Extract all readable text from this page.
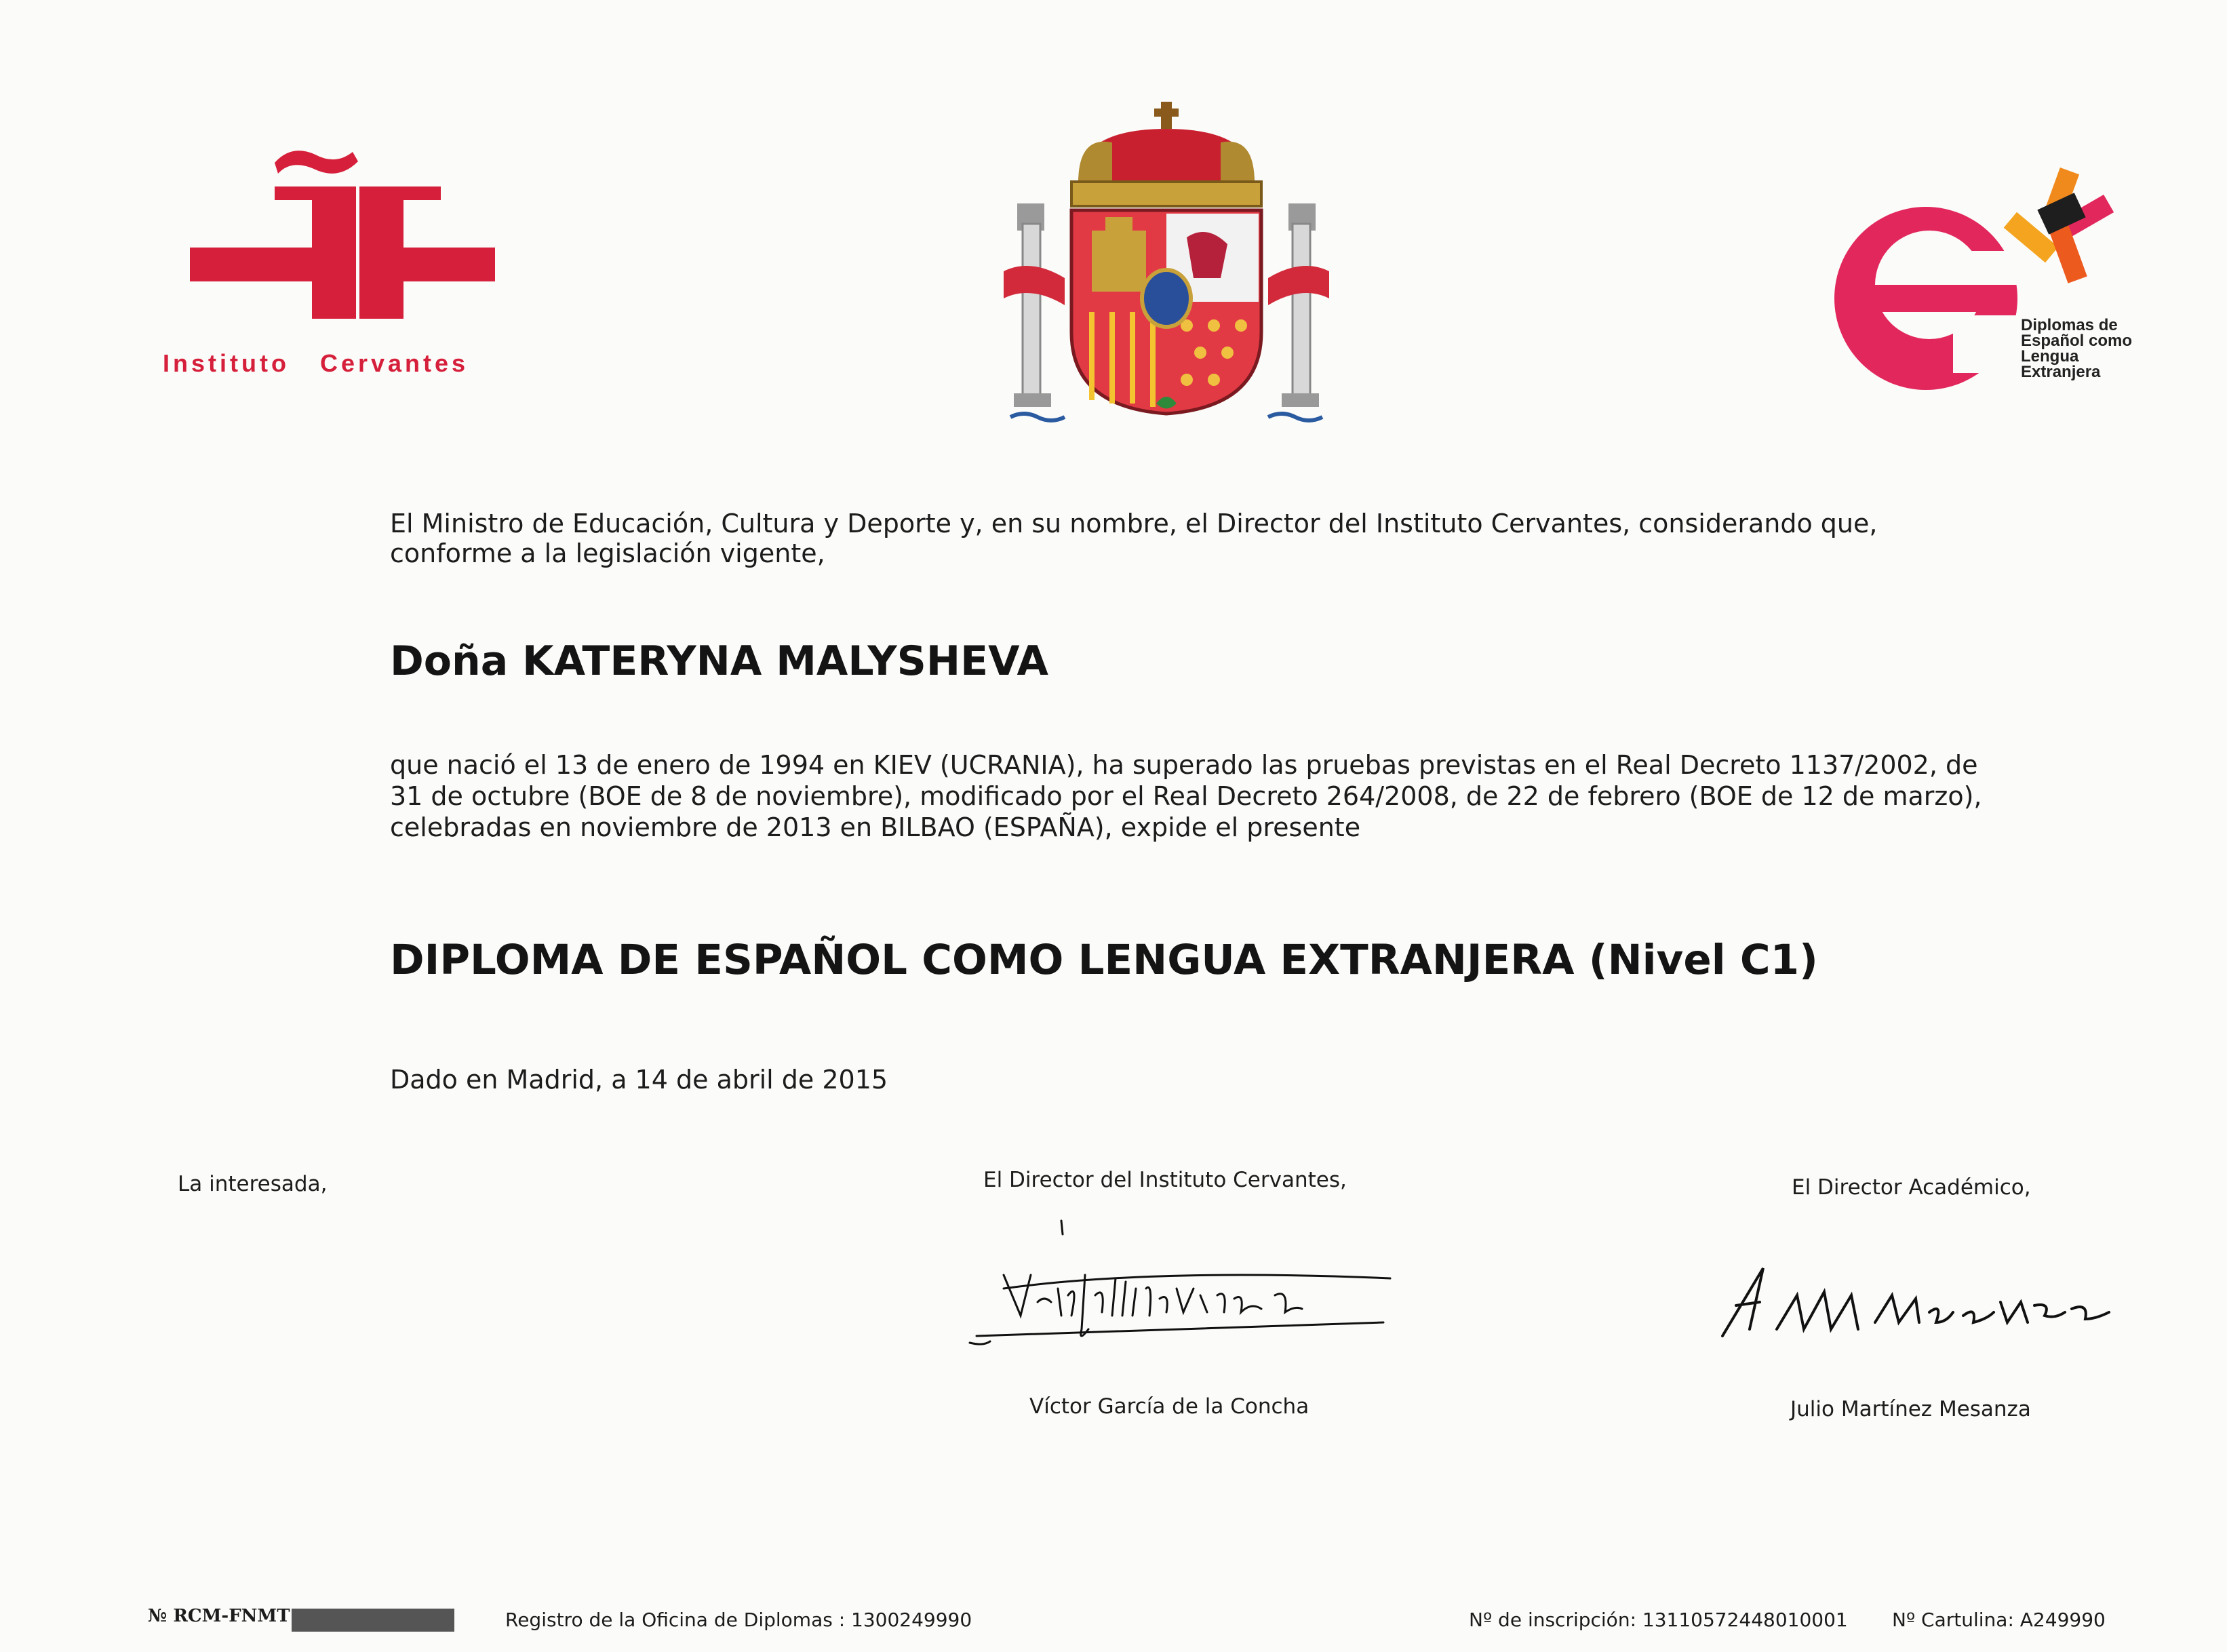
Instituto Cervantes
Diplomas de
Español como
Lengua
Extranjera
El Ministro de Educación, Cultura y Deporte y, en su nombre, el Director del Instituto Cervantes, considerando que, conforme a la legislación vigente,
Doña KATERYNA MALYSHEVA
que nació el 13 de enero de 1994 en KIEV (UCRANIA), ha superado las pruebas previstas en el Real Decreto 1137/2002, de 31 de octubre (BOE de 8 de noviembre), modificado por el Real Decreto 264/2008, de 22 de febrero (BOE de 12 de marzo), celebradas en noviembre de 2013 en BILBAO (ESPAÑA), expide el presente
DIPLOMA DE ESPAÑOL COMO LENGUA EXTRANJERA (Nivel C1)
Dado en Madrid, a 14 de abril de 2015
La interesada,	El Director del Instituto Cervantes,	El Director Académico,
Víctor García de la Concha	Julio Martínez Mesanza
№ RCM-FNMT	Registro de la Oficina de Diplomas : 1300249990	Nº de inscripción: 13110572448010001 Nº Cartulina: A249990
